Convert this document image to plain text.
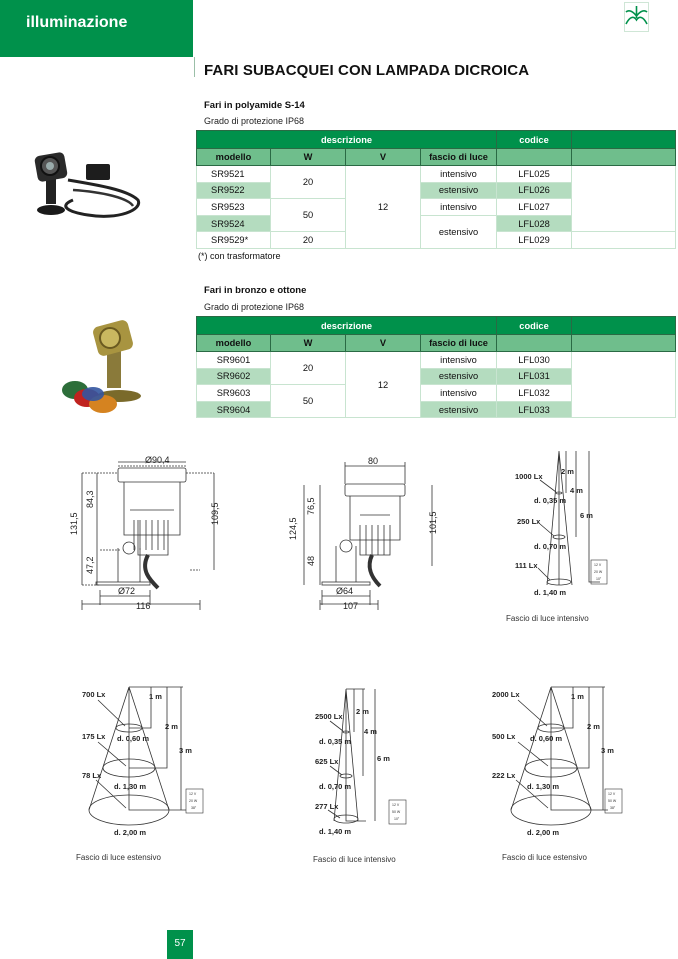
illuminazione
FARI SUBACQUEI CON LAMPADA DICROICA
Fari in polyamide S-14
Grado di protezione IP68
descrizione				codice	
modello	W	V	fascio di luce		
SR9521	20	12	intensivo	LFL025	
SR9522			estensivo	LFL026	
SR9523	50		intensivo	LFL027	
SR9524			estensivo	LFL028	
SR9529*	20			LFL029	
(*) con trasformatore
Fari in bronzo e ottone
Grado di protezione IP68
descrizione				codice	
modello	W	V	fascio di luce		
SR9601	20	12	intensivo	LFL030	
SR9602			estensivo	LFL031	
SR9603	50		intensivo	LFL032	
SR9604			estensivo	LFL033	
Ø90,4
131,5
84,3
47,2
109,5
Ø72
116
80
124,5
76,5
48
101,5
Ø64
107
1000 Lx
250 Lx
111 Lx
2 m
4 m
6 m
d. 0,35 m
d. 0,70 m
d. 1,40 m
12 V
20 W
10°
Fascio di luce intensivo
700 Lx
175 Lx
78 Lx
1 m
2 m
3 m
d. 0,60 m
d. 1,30 m
d. 2,00 m
12 V
20 W
38°
Fascio di luce estensivo
2500 Lx
625 Lx
277 Lx
2 m
4 m
6 m
d. 0,35 m
d. 0,70 m
d. 1,40 m
12 V
50 W
10°
Fascio di luce intensivo
2000 Lx
500 Lx
222 Lx
1 m
2 m
3 m
d. 0,60 m
d. 1,30 m
d. 2,00 m
12 V
50 W
38°
Fascio di luce estensivo
57
